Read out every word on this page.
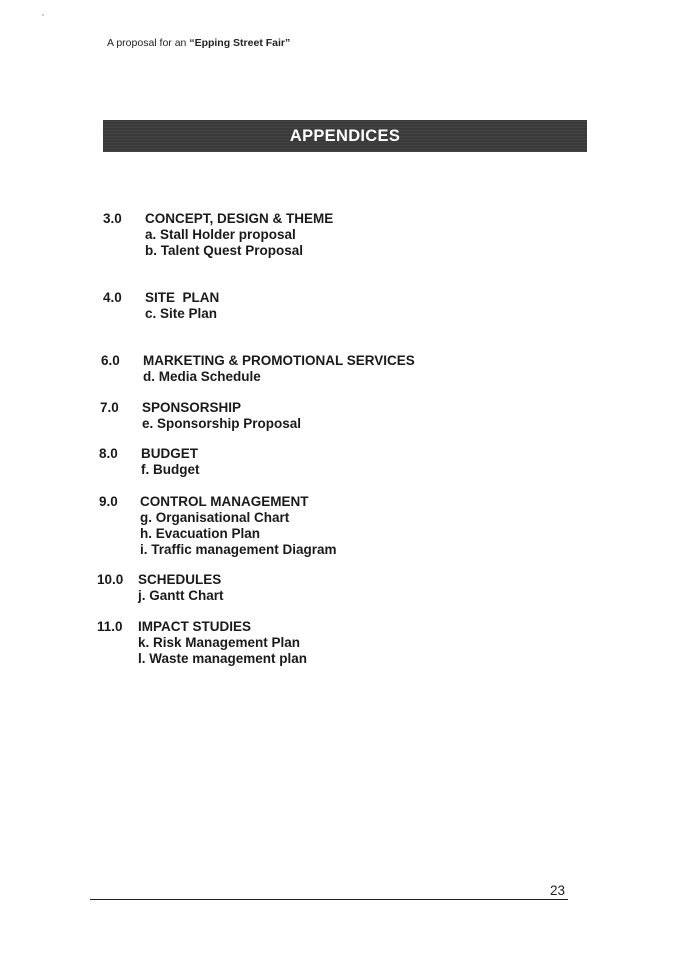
A proposal for an “Epping Street Fair”
APPENDICES
3.0 CONCEPT, DESIGN & THEME
a. Stall Holder proposal
b. Talent Quest Proposal
4.0 SITE  PLAN
c. Site Plan
6.0 MARKETING & PROMOTIONAL SERVICES
d. Media Schedule
7.0 SPONSORSHIP
e. Sponsorship Proposal
8.0 BUDGET
f. Budget
9.0 CONTROL MANAGEMENT
g. Organisational Chart
h. Evacuation Plan
i. Traffic management Diagram
10.0 SCHEDULES
j. Gantt Chart
11.0 IMPACT STUDIES
k. Risk Management Plan
l. Waste management plan
23
